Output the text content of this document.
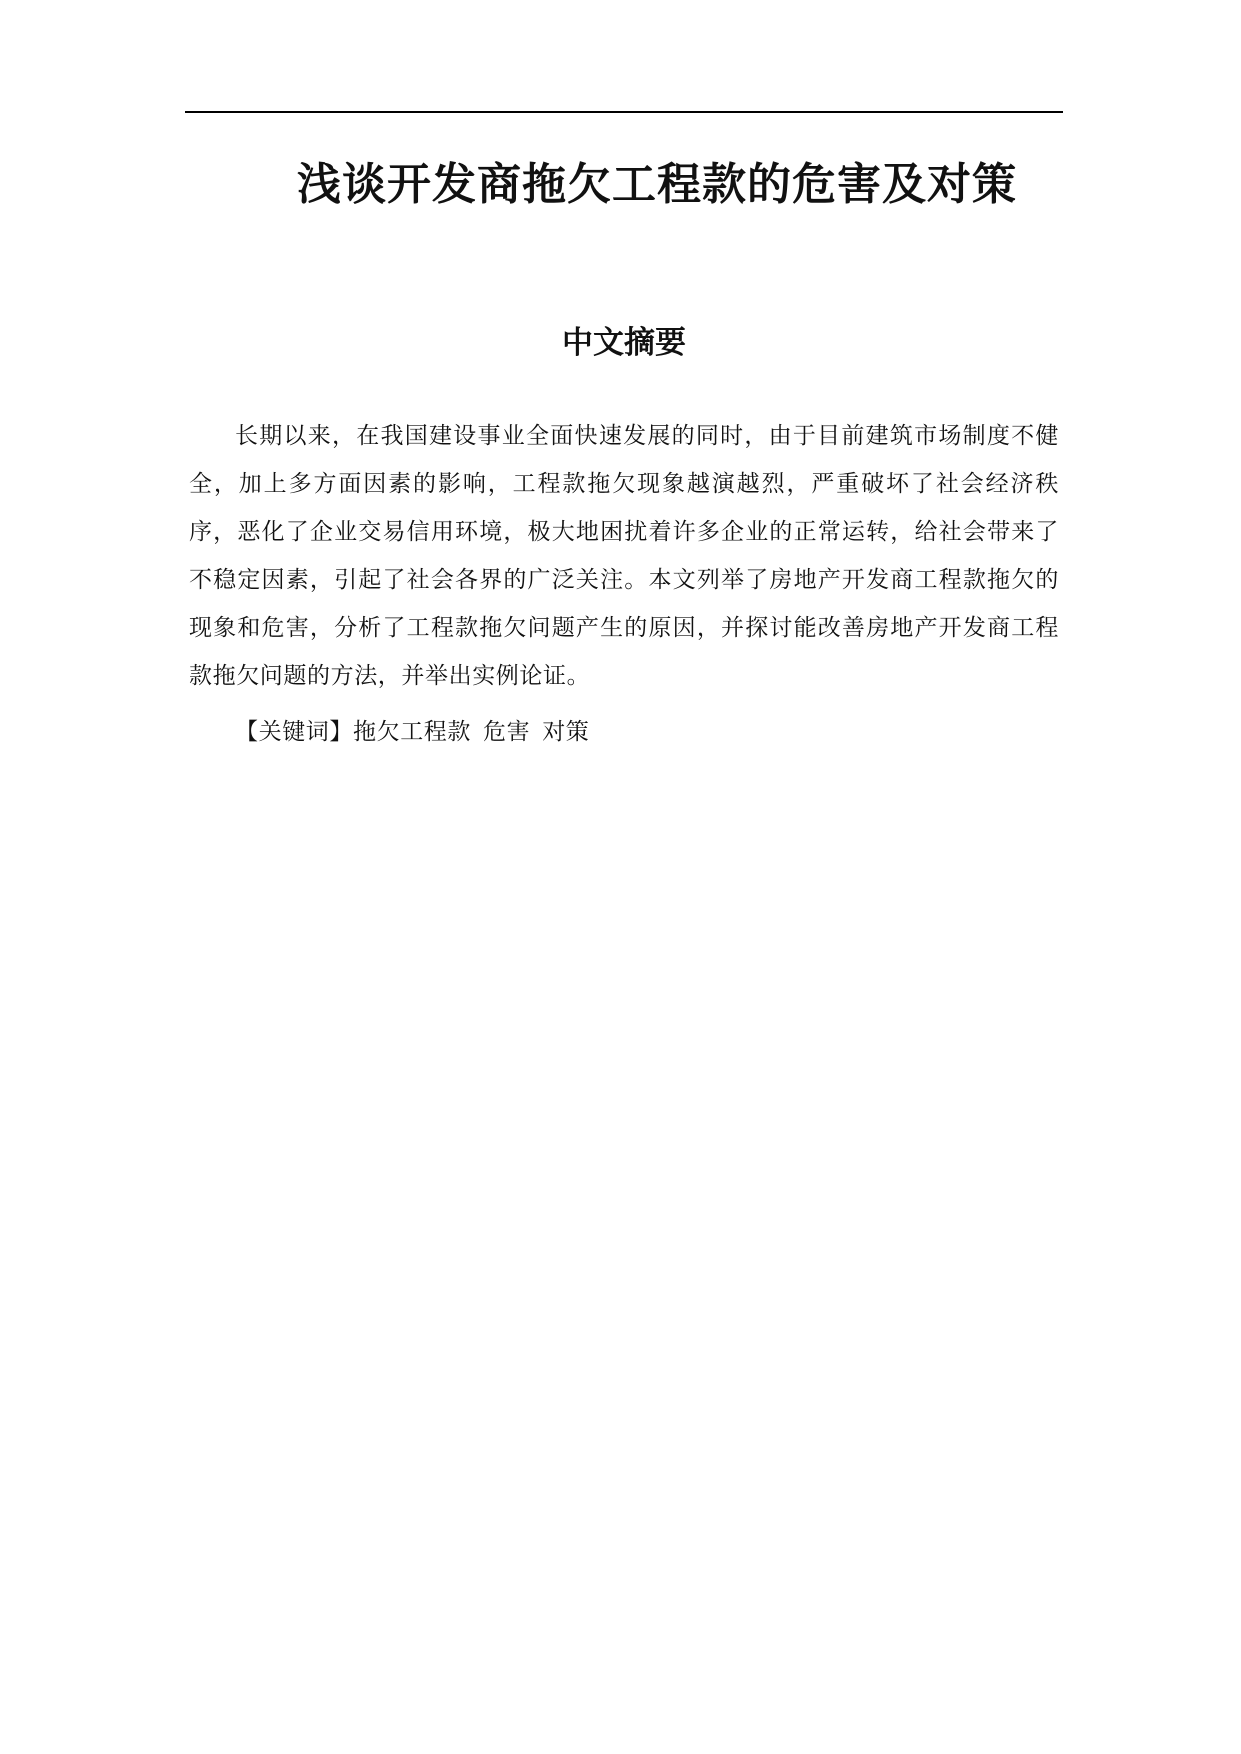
浅谈开发商拖欠工程款的危害及对策
中文摘要

长期以来，在我国建设事业全面快速发展的同时，由于目前建筑市场制度不健全，加上多方面因素的影响，工程款拖欠现象越演越烈，严重破坏了社会经济秩序，恶化了企业交易信用环境，极大地困扰着许多企业的正常运转，给社会带来了不稳定因素，引起了社会各界的广泛关注。本文列举了房地产开发商工程款拖欠的现象和危害，分析了工程款拖欠问题产生的原因，并探讨能改善房地产开发商工程款拖欠问题的方法，并举出实例论证。

【关键词】拖欠工程款 危害 对策
